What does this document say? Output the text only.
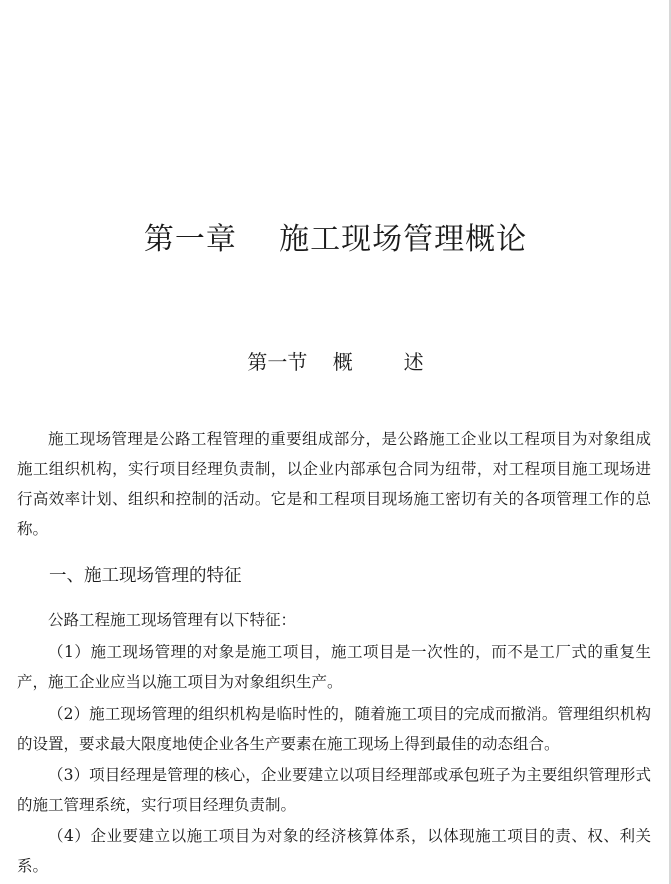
第一章    施工现场管理概论
第一节    概        述
施工现场管理是公路工程管理的重要组成部分，是公路施工企业以工程项目为对象组成施工组织机构，实行项目经理负责制，以企业内部承包合同为纽带，对工程项目施工现场进行高效率计划、组织和控制的活动。它是和工程项目现场施工密切有关的各项管理工作的总称。
一、施工现场管理的特征
公路工程施工现场管理有以下特征：
（1）施工现场管理的对象是施工项目，施工项目是一次性的，而不是工厂式的重复生产，施工企业应当以施工项目为对象组织生产。
（2）施工现场管理的组织机构是临时性的，随着施工项目的完成而撤消。管理组织机构的设置，要求最大限度地使企业各生产要素在施工现场上得到最佳的动态组合。
（3）项目经理是管理的核心，企业要建立以项目经理部或承包班子为主要组织管理形式的施工管理系统，实行项目经理负责制。
（4）企业要建立以施工项目为对象的经济核算体系，以体现施工项目的责、权、利关系。
